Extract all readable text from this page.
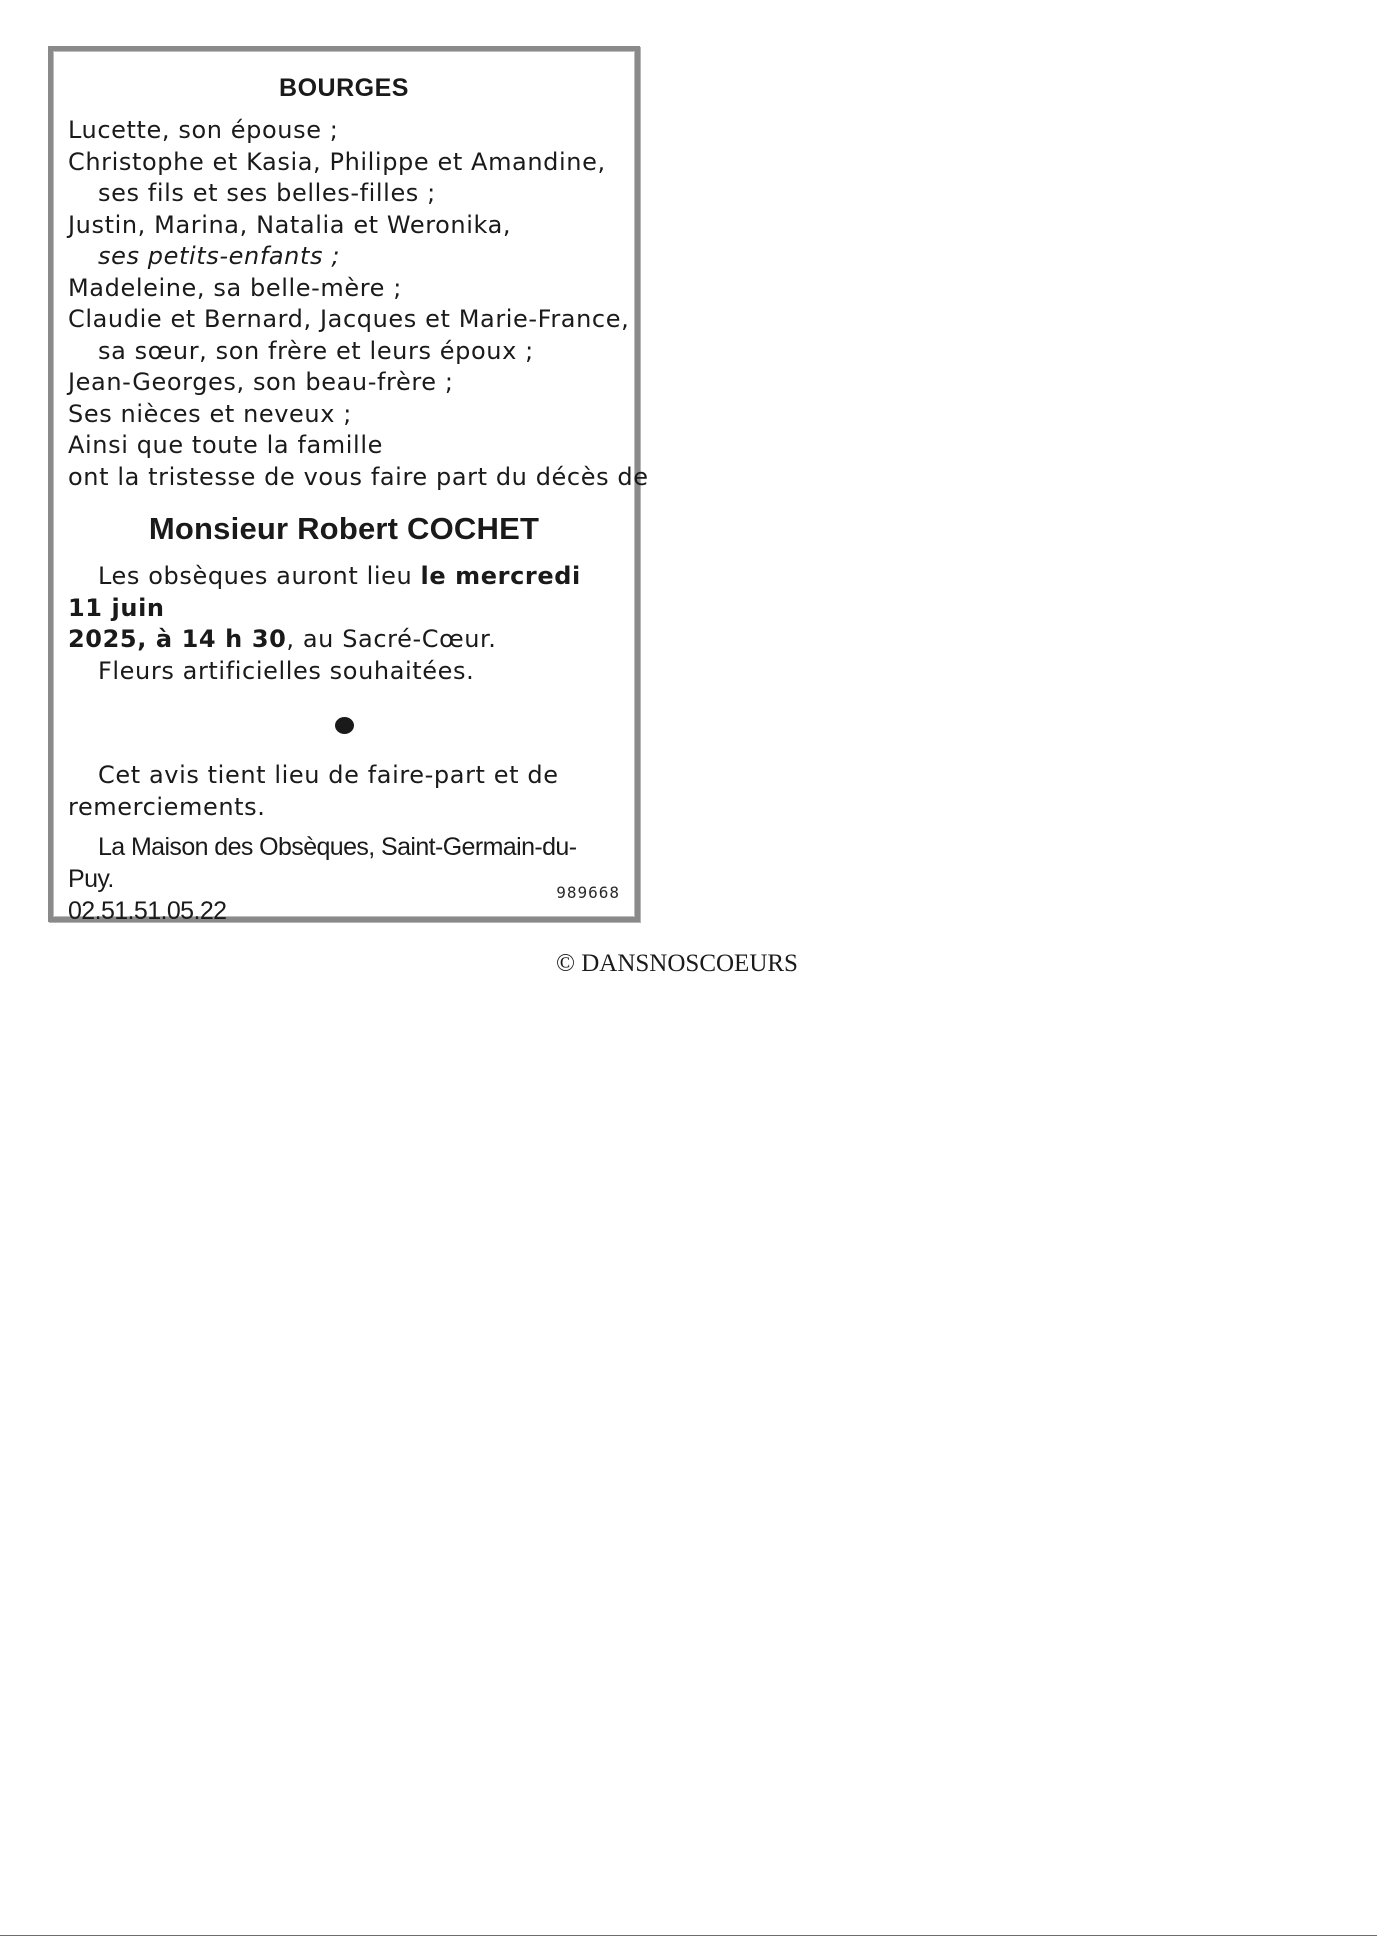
BOURGES
Lucette, son épouse ;
Christophe et Kasia, Philippe et Amandine,
ses fils et ses belles-filles ;
Justin, Marina, Natalia et Weronika,
ses petits-enfants ;
Madeleine, sa belle-mère ;
Claudie et Bernard, Jacques et Marie-France,
sa sœur, son frère et leurs époux ;
Jean-Georges, son beau-frère ;
Ses nièces et neveux ;
Ainsi que toute la famille
ont la tristesse de vous faire part du décès de
Monsieur Robert COCHET
Les obsèques auront lieu le mercredi 11 juin
2025, à 14 h 30, au Sacré-Cœur.
Fleurs artificielles souhaitées.
Cet avis tient lieu de faire-part et de remerciements.
La Maison des Obsèques, Saint-Germain-du-Puy.
02.51.51.05.22
989668
© DANSNOSCOEURS
